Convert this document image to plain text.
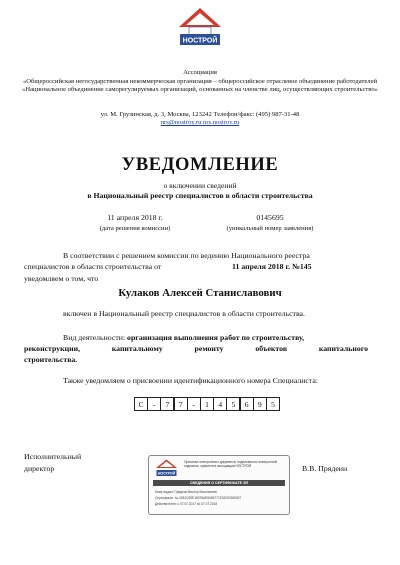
НОСТРОЙ
Ассоциация
«Общероссийская негосударственная некоммерческая организация – общероссийское отраслевое объединение работодателей «Национальное объединение саморегулируемых организаций, основанных на членстве лиц, осуществляющих строительство»
ул. М. Грузинская, д. 3, Москва, 123242 Телефон/факс: (495) 987-31-48
nrs@nostroy.ru nrs.nostrov.ru
УВЕДОМЛЕНИЕ
о включении сведений
в Национальный реестр специалистов в области строительства
11 апреля 2018 г.
(дата решения комиссии)
0145695
(уникальный номер заявления)
В соответствии с решением комиссии по ведению Национального реестра
специалистов в области строительства от	11 апреля 2018 г. №145
уведомляем о том, что
Кулаков Алексей Станиславович
включен в Национальный реестр специалистов в области строительства.
Вид деятельности: организация выполнения работ по строительству,
реконструкции, капитальному ремонту объектов капитального
строительства.
Также уведомляем о присвоении идентификационного номера Специалиста:
С	-	7	7	-	1	4	5	6	9	5
Исполнительный
директор	В.В. Прядеин
НОСТРОЙ
Оригинал электронного документа, подписанного электронной подписью, хранится в ассоциации НОСТРОЙ
СВЕДЕНИЯ О СЕРТИФИКАТЕ ЭП
Кому выдан: Прядеин Виктор Васильевич
Сертификат: № 0081C99E18078AE8066771F18200285097
Действителен: с 07.07.2017 по 07.07.2018
